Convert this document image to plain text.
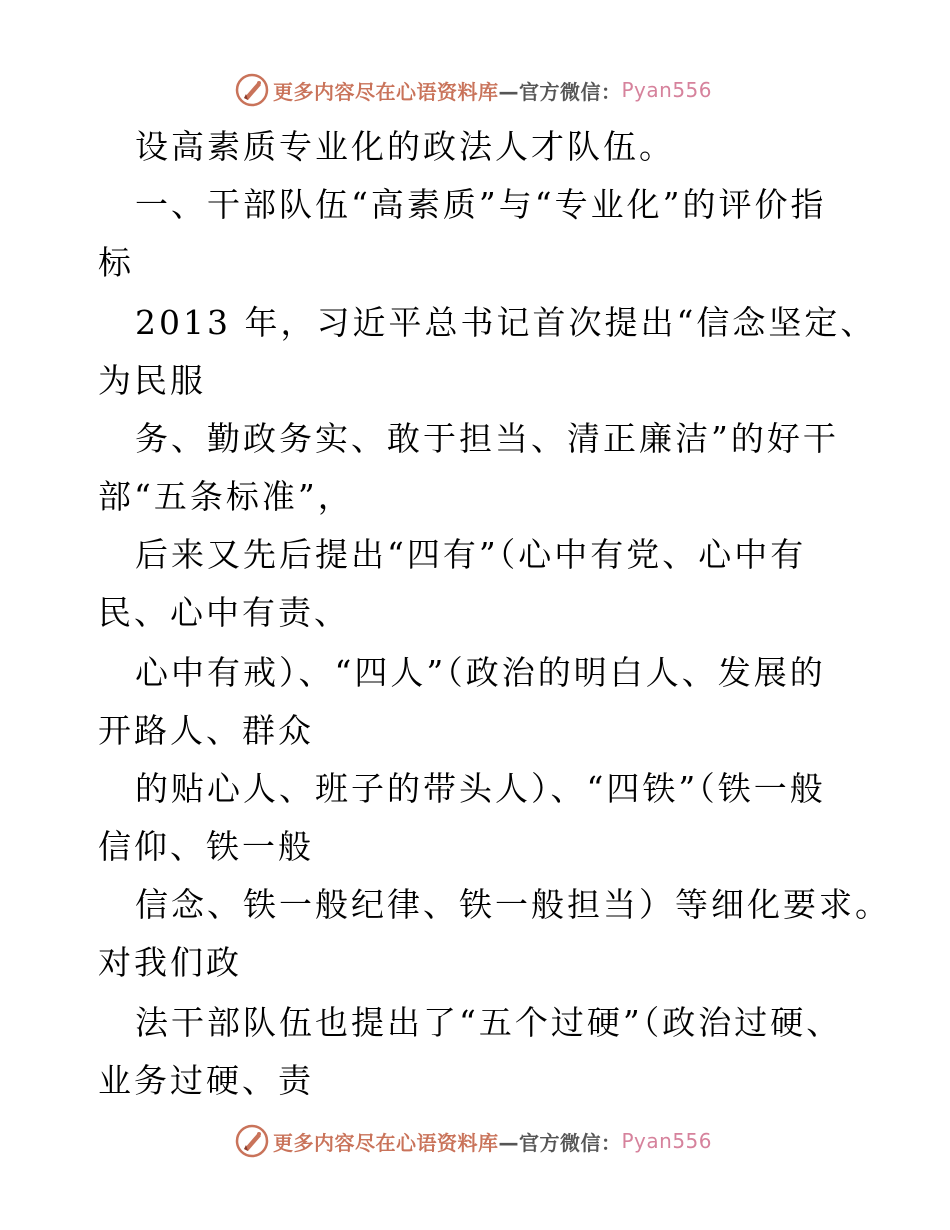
更多内容尽在心语资料库 —官方微信： Pyan556
设高素质专业化的政法人才队伍。
一、干部队伍“高素质”与“专业化”的评价指
标
2013 年，习近平总书记首次提出“信念坚定、
为民服
务、勤政务实、敢于担当、清正廉洁”的好干
部“五条标准”，
后来又先后提出“四有”（心中有党、心中有
民、心中有责、
心中有戒）、“四人”（政治的明白人、发展的
开路人、群众
的贴心人、班子的带头人）、“四铁”（铁一般
信仰、铁一般
信念、铁一般纪律、铁一般担当）等细化要求。
对我们政
法干部队伍也提出了“五个过硬”（政治过硬、
业务过硬、责
更多内容尽在心语资料库 —官方微信： Pyan556
